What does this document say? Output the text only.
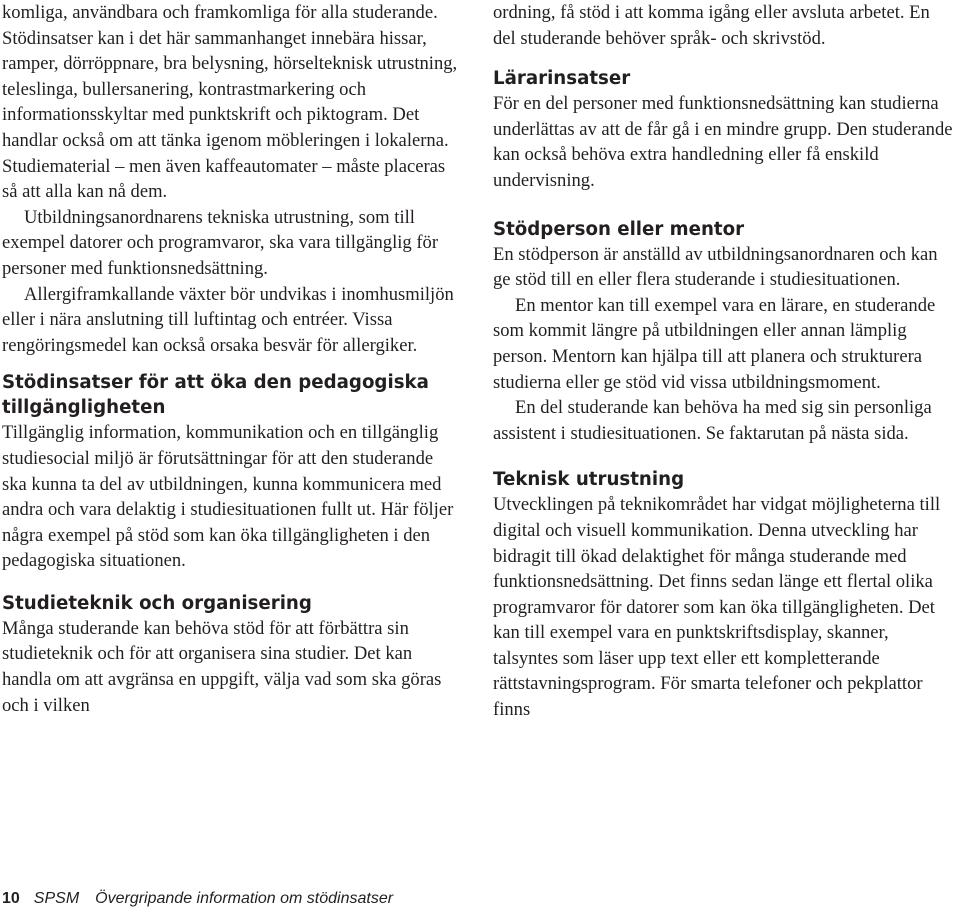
komliga, användbara och framkomliga för alla studerande. Stödinsatser kan i det här sammanhanget innebära hissar, ramper, dörröppnare, bra belysning, hörselteknisk utrustning, teleslinga, bullersanering, kontrastmarkering och informationsskyltar med punktskrift och piktogram. Det handlar också om att tänka igenom möbleringen i lokalerna. Studiematerial – men även kaffeautomater – måste placeras så att alla kan nå dem.

Utbildningsanordnarens tekniska utrustning, som till exempel datorer och programvaror, ska vara tillgänglig för personer med funktionsnedsättning.

Allergiframkallande växter bör undvikas i inomhusmiljön eller i nära anslutning till luftintag och entréer. Vissa rengöringsmedel kan också orsaka besvär för allergiker.

Stödinsatser för att öka den pedagogiska tillgängligheten

Tillgänglig information, kommunikation och en tillgänglig studiesocial miljö är förutsättningar för att den studerande ska kunna ta del av utbildningen, kunna kommunicera med andra och vara delaktig i studiesituationen fullt ut. Här följer några exempel på stöd som kan öka tillgängligheten i den pedagogiska situationen.

Studieteknik och organisering

Många studerande kan behöva stöd för att förbättra sin studieteknik och för att organisera sina studier. Det kan handla om att avgränsa en uppgift, välja vad som ska göras och i vilken

ordning, få stöd i att komma igång eller avsluta arbetet. En del studerande behöver språk- och skrivstöd.

Lärarinsatser

För en del personer med funktionsnedsättning kan studierna underlättas av att de får gå i en mindre grupp. Den studerande kan också behöva extra handledning eller få enskild undervisning.

Stödperson eller mentor

En stödperson är anställd av utbildningsanordnaren och kan ge stöd till en eller flera studerande i studiesituationen.

En mentor kan till exempel vara en lärare, en studerande som kommit längre på utbildningen eller annan lämplig person. Mentorn kan hjälpa till att planera och strukturera studierna eller ge stöd vid vissa utbildningsmoment.

En del studerande kan behöva ha med sig sin personliga assistent i studiesituationen. Se faktarutan på nästa sida.

Teknisk utrustning

Utvecklingen på teknikområdet har vidgat möjligheterna till digital och visuell kommunikation. Denna utveckling har bidragit till ökad delaktighet för många studerande med funktionsnedsättning. Det finns sedan länge ett flertal olika programvaror för datorer som kan öka tillgängligheten. Det kan till exempel vara en punktskriftsdisplay, skanner, talsyntes som läser upp text eller ett kompletterande rättstavningsprogram. För smarta telefoner och pekplattor finns

10 SPSM Övergripande information om stödinsatser
